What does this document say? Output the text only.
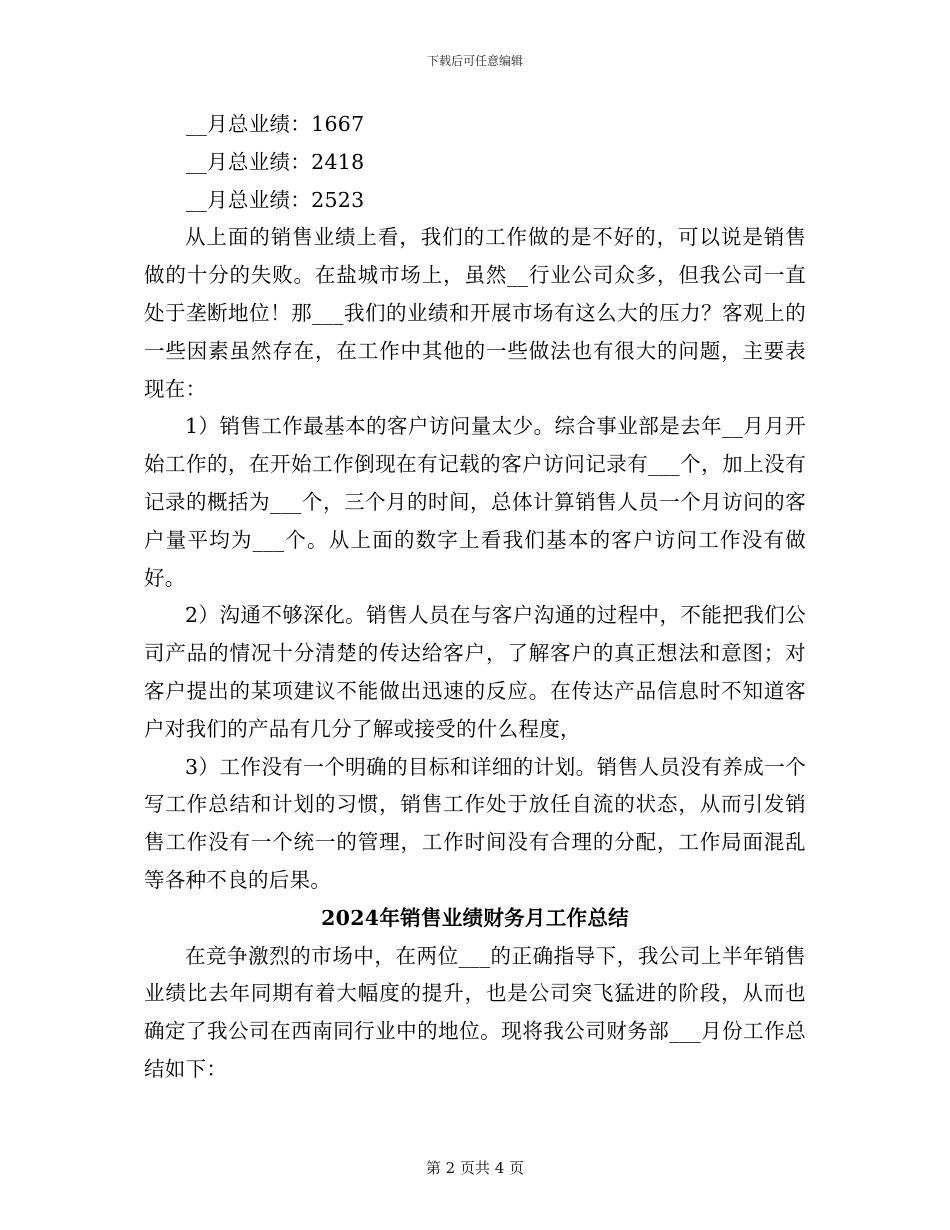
下载后可任意编辑

__月总业绩：1667

__月总业绩：2418

__月总业绩：2523

从上面的销售业绩上看，我们的工作做的是不好的，可以说是销售做的十分的失败。在盐城市场上，虽然__行业公司众多，但我公司一直处于垄断地位！那___我们的业绩和开展市场有这么大的压力？客观上的一些因素虽然存在，在工作中其他的一些做法也有很大的问题，主要表现在：

1）销售工作最基本的客户访问量太少。综合事业部是去年__月月开始工作的，在开始工作倒现在有记载的客户访问记录有___个，加上没有记录的概括为___个，三个月的时间，总体计算销售人员一个月访问的客户量平均为___个。从上面的数字上看我们基本的客户访问工作没有做好。

2）沟通不够深化。销售人员在与客户沟通的过程中，不能把我们公司产品的情况十分清楚的传达给客户，了解客户的真正想法和意图；对客户提出的某项建议不能做出迅速的反应。在传达产品信息时不知道客户对我们的产品有几分了解或接受的什么程度，

3）工作没有一个明确的目标和详细的计划。销售人员没有养成一个写工作总结和计划的习惯，销售工作处于放任自流的状态，从而引发销售工作没有一个统一的管理，工作时间没有合理的分配，工作局面混乱等各种不良的后果。

2024年销售业绩财务月工作总结

在竞争激烈的市场中，在两位___的正确指导下，我公司上半年销售业绩比去年同期有着大幅度的提升，也是公司突飞猛进的阶段，从而也确定了我公司在西南同行业中的地位。现将我公司财务部___月份工作总结如下：

第 2 页共 4 页
